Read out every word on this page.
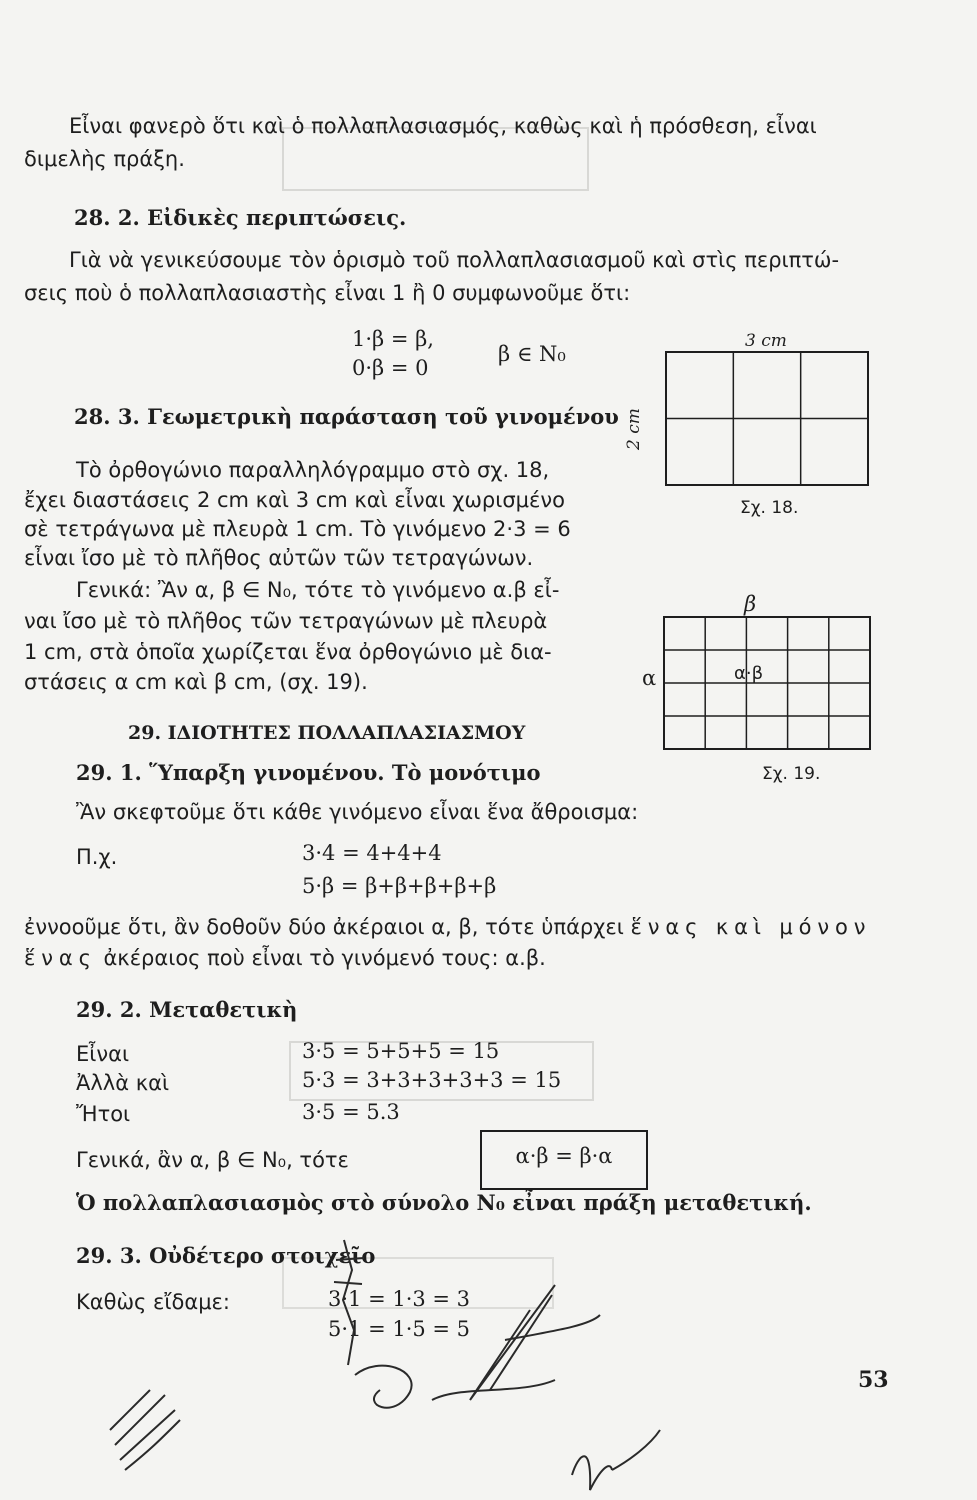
Εἶναι φανερὸ ὅτι καὶ ὁ πολλαπλασιασμός, καθὼς καὶ ἡ πρόσθεση, εἶναι
διμελὴς πράξη.
28. 2. Εἰδικὲς περιπτώσεις.
Γιὰ νὰ γενικεύσουμε τὸν ὁρισμὸ τοῦ πολλαπλασιασμοῦ καὶ στὶς περιπτώ-
σεις ποὺ ὁ πολλαπλασιαστὴς εἶναι 1 ἢ 0 συμφωνοῦμε ὅτι:
1·β = β,
0·β = 0
β ∈ N₀
28. 3. Γεωμετρικὴ παράσταση τοῦ γινομένου
Τὸ ὀρθογώνιο παραλληλόγραμμο στὸ σχ. 18,
ἔχει διαστάσεις 2 cm καὶ 3 cm καὶ εἶναι χωρισμένο
σὲ τετράγωνα μὲ πλευρὰ 1 cm. Τὸ γινόμενο 2·3 = 6
εἶναι ἴσο μὲ τὸ πλῆθος αὐτῶν τῶν τετραγώνων.
Γενικά: Ἂν α, β ∈ N₀, τότε τὸ γινόμενο α.β εἶ-
ναι ἴσο μὲ τὸ πλῆθος τῶν τετραγώνων μὲ πλευρὰ
1 cm, στὰ ὁποῖα χωρίζεται ἕνα ὀρθογώνιο μὲ δια-
στάσεις α cm καὶ β cm, (σχ. 19).
3 cm
2 cm
Σχ. 18.
β
α	α·β
Σχ. 19.
29. ΙΔΙΟΤΗΤΕΣ ΠΟΛΛΑΠΛΑΣΙΑΣΜΟΥ
29. 1. Ὕπαρξη γινομένου. Τὸ μονότιμο
Ἂν σκεφτοῦμε ὅτι κάθε γινόμενο εἶναι ἕνα ἄθροισμα:
Π.χ.	3·4 = 4+4+4
5·β = β+β+β+β+β
ἐννοοῦμε ὅτι, ἂν δοθοῦν δύο ἀκέραιοι α, β, τότε ὑπάρχει ἕνας καὶ μόνον
ἕνας ἀκέραιος ποὺ εἶναι τὸ γινόμενό τους: α.β.
29. 2. Μεταθετικὴ
Εἶναι	3·5 = 5+5+5 = 15
Ἀλλὰ καὶ	5·3 = 3+3+3+3+3 = 15
Ἤτοι	3·5 = 5.3
Γενικά, ἂν α, β ∈ N₀, τότε	α·β = β·α
Ὁ πολλαπλασιασμὸς στὸ σύνολο N₀ εἶναι πράξη μεταθετική.
29. 3. Οὐδέτερο στοιχεῖο
Καθὼς εἴδαμε:	3·1 = 1·3 = 3
5·1 = 1·5 = 5
53
